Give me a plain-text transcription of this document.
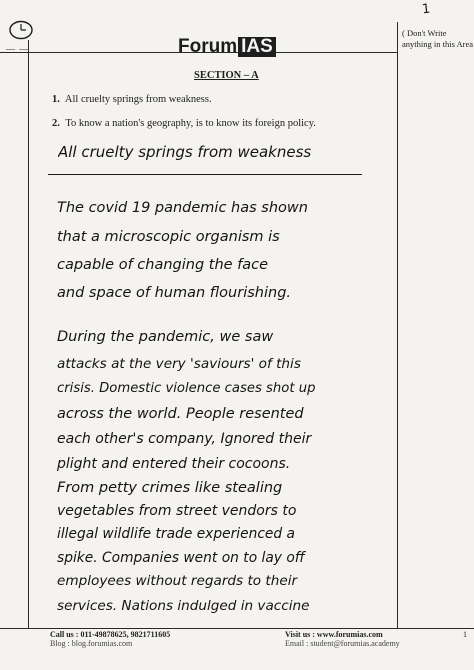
— —
1
Forum IAS
( Don't Write anything in this Area
SECTION – A
1. All cruelty springs from weakness.
2. To know a nation's geography, is to know its foreign policy.
All cruelty springs from weakness
The covid 19 pandemic has shown
that a microscopic organism is
capable of changing the face
and space of human flourishing.
During the pandemic, we saw
attacks at the very 'saviours' of this
crisis. Domestic violence cases shot up
across the world. People resented
each other's company, Ignored their
plight and entered their cocoons.
From petty crimes like stealing
vegetables from street vendors to
illegal wildlife trade experienced a
spike. Companies went on to lay off
employees without regards to their
services. Nations indulged in vaccine
Call us : 011-49878625, 9821711605
Blog : blog.forumias.com
Visit us : www.forumias.com
Email : student@forumias.academy
1
